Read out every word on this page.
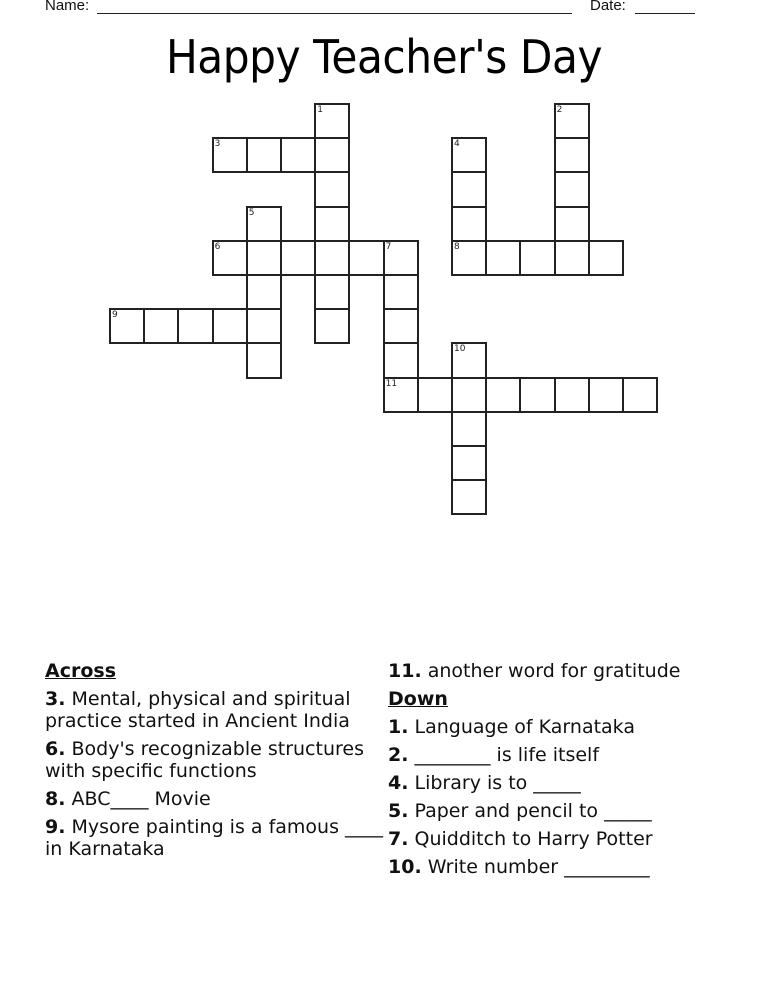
Name:	Date:
Happy Teacher's Day
1	2
3	4
8
5
6	7
11
9
10
Across
3. Mental, physical and spiritual practice started in Ancient India
6. Body's recognizable structures with specific functions
8. ABC____ Movie
9. Mysore painting is a famous ____ in Karnataka
11. another word for gratitude
Down
1. Language of Karnataka
2. ________ is life itself
4. Library is to _____
5. Paper and pencil to _____
7. Quidditch to Harry Potter
10. Write number _________
